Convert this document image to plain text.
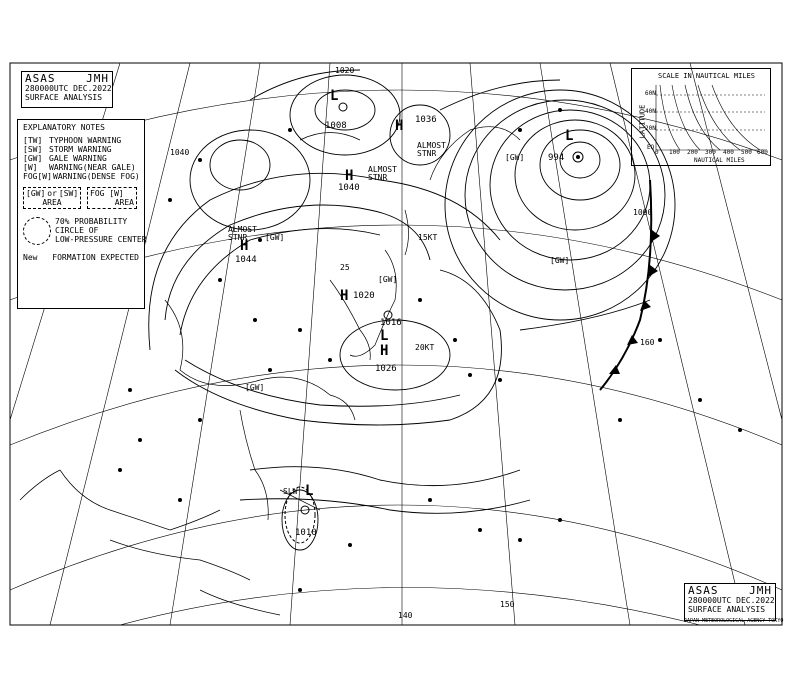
L
L
L
L
H
H
H
H
H
1008
1016
1010
994
1040
1044
1020
1026
1036
[GW]
[GW]
[GW]
[GW]
[GW]
SLW
15KT
20KT
25
ALMOST
STNR
ALMOST
STNR
ALMOST
STNR
1020
1040
1000
140
150
160
ASAS	JMH
280000UTC DEC.2022
SURFACE ANALYSIS
EXPLANATORY NOTES
[TW] TYPHOON WARNING
[SW] STORM WARNING
[GW] GALE WARNING
[W]	WARNING(NEAR GALE)
FOG[W] WARNING(DENSE FOG)
[GW] or [SW]
AREA
FOG [W]
AREA
70% PROBABILITY
CIRCLE OF
LOW-PRESSURE CENTER
New	FORMATION EXPECTED
SCALE IN NAUTICAL MILES
LATITUDE
60N
40N
20N
EQ
0 100 200 300 400 500 600
NAUTICAL MILES
ASAS	JMH
280000UTC DEC.2022
SURFACE ANALYSIS
JAPAN METEOROLOGICAL AGENCY TOKYO
